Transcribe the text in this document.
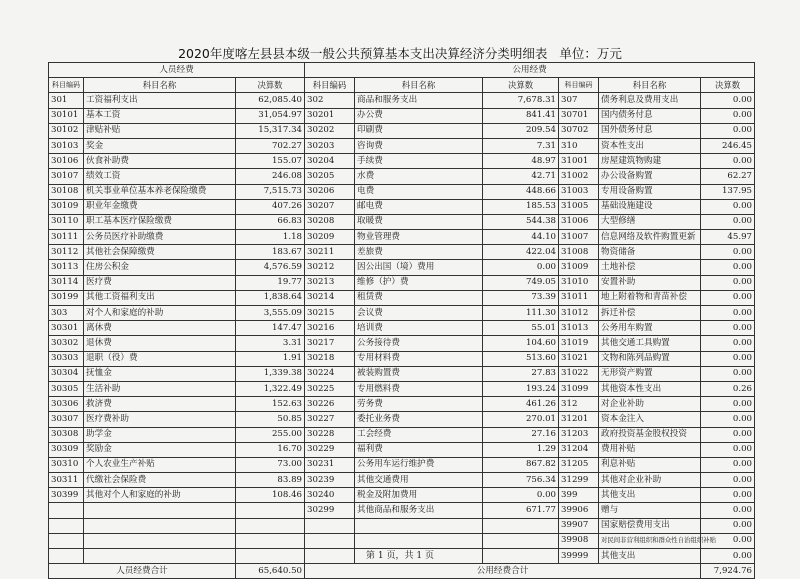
2020年度喀左县县本级一般公共预算基本支出决算经济分类明细表 单位：万元
人员经费			公用经费					
科目编码	科目名称	决算数	科目编码	科目名称	决算数	科目编码	科目名称	决算数
301	工资福利支出	62,085.40	302	商品和服务支出	7,678.31	307	债务利息及费用支出	0.00
30101	基本工资	31,054.97	30201	办公费	841.41	30701	国内债务付息	0.00
30102	津贴补贴	15,317.34	30202	印刷费	209.54	30702	国外债务付息	0.00
30103	奖金	702.27	30203	咨询费	7.31	310	资本性支出	246.45
30106	伙食补助费	155.07	30204	手续费	48.97	31001	房屋建筑物购建	0.00
30107	绩效工资	246.08	30205	水费	42.71	31002	办公设备购置	62.27
30108	机关事业单位基本养老保险缴费	7,515.73	30206	电费	448.66	31003	专用设备购置	137.95
30109	职业年金缴费	407.26	30207	邮电费	185.53	31005	基础设施建设	0.00
30110	职工基本医疗保险缴费	66.83	30208	取暖费	544.38	31006	大型修缮	0.00
30111	公务员医疗补助缴费	1.18	30209	物业管理费	44.10	31007	信息网络及软件购置更新	45.97
30112	其他社会保障缴费	183.67	30211	差旅费	422.04	31008	物资储备	0.00
30113	住房公积金	4,576.59	30212	因公出国（境）费用	0.00	31009	土地补偿	0.00
30114	医疗费	19.77	30213	维修（护）费	749.05	31010	安置补助	0.00
30199	其他工资福利支出	1,838.64	30214	租赁费	73.39	31011	地上附着物和青苗补偿	0.00
303	对个人和家庭的补助	3,555.09	30215	会议费	111.30	31012	拆迁补偿	0.00
30301	离休费	147.47	30216	培训费	55.01	31013	公务用车购置	0.00
30302	退休费	3.31	30217	公务接待费	104.60	31019	其他交通工具购置	0.00
30303	退职（役）费	1.91	30218	专用材料费	513.60	31021	文物和陈列品购置	0.00
30304	抚恤金	1,339.38	30224	被装购置费	27.83	31022	无形资产购置	0.00
30305	生活补助	1,322.49	30225	专用燃料费	193.24	31099	其他资本性支出	0.26
30306	救济费	152.63	30226	劳务费	461.26	312	对企业补助	0.00
30307	医疗费补助	50.85	30227	委托业务费	270.01	31201	资本金注入	0.00
30308	助学金	255.00	30228	工会经费	27.16	31203	政府投资基金股权投资	0.00
30309	奖励金	16.70	30229	福利费	1.29	31204	费用补贴	0.00
30310	个人农业生产补贴	73.00	30231	公务用车运行维护费	867.82	31205	利息补贴	0.00
30311	代缴社会保险费	83.89	30239	其他交通费用	756.34	31299	其他对企业补助	0.00
30399	其他对个人和家庭的补助	108.46	30240	税金及附加费用	0.00	399	其他支出	0.00
			30299	其他商品和服务支出	671.77	39906	赠与	0.00
						39907	国家赔偿费用支出	0.00
						39908	对民间非营利组织和群众性自治组织补贴	0.00
						39999	其他支出	0.00
人员经费合计		65,640.50	公用经费合计					7,924.76
第 1 页，共 1 页
